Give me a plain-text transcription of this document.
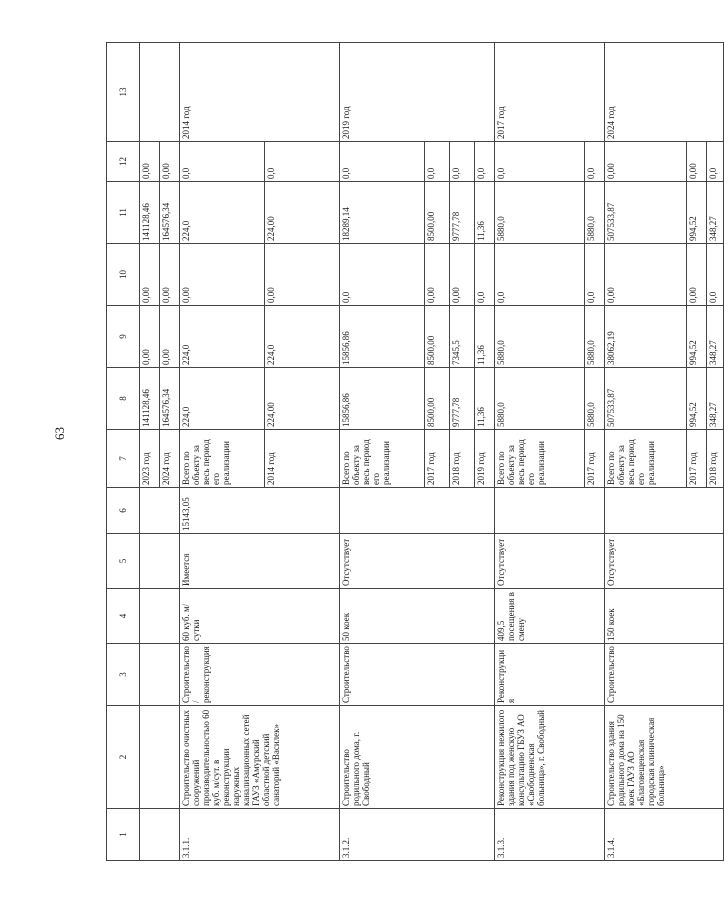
63
1	2	3	4	5	6	7	8	9	10	11	12	13
						2023 год	141128,46	0,00	0,00	141128,46	0,00	
						2024 год	164576,34	0,00	0,00	164576,34	0,00	
3.1.1.	Строительство очистных сооружений производительностью 60 куб. м/сут. в реконструкции наружных канализационных сетей ГАУЗ «Амурский областной детский санаторий «Василек»	Строительство/реконструкция	60 куб. м/сутки	Имеется	15143,05	Всего по объекту за весь период его реализации	224,0	224,0	0,00	224,0	0,0	2014 год
						2014 год	224,00	224,0	0,00	224,00	0,0	
3.1.2.	Строительство родильного дома, г. Свободный	Строительство	50 коек	Отсутствует		Всего по объекту за весь период его реализации	15856,86	15856,86	0,0	18289,14	0,0	2019 год
						2017 год	8500,00	8500,00	0,00	8500,00	0,0	
						2018 год	9777,78	7345,5	0,00	9777,78	0,0	
						2019 год	11,36	11,36	0,0	11,36	0,0	
3.1.3.	Реконструкция нежилого здания под женскую консультацию ГБУЗ АО «Свободненская больница», г. Свободный	Реконструкция	409,5 посещения в смену	Отсутствует		Всего по объекту за весь период его реализации	5880,0	5880,0	0,0	5880,0	0,0	2017 год
						2017 год	5880,0	5880,0	0,0	5880,0	0,0	
3.1.4.	Строительство здания родильного дома на 150 коек ГАУЗ АО «Благовещенская городская клиническая больница»	Строительство	150 коек	Отсутствует		Всего по объекту за весь период его реализации	507533,87	38062,19	0,00	507533,87	0,00	2024 год
						2017 год	994,52	994,52	0,00	994,52	0,00	
						2018 год	348,27	348,27	0,0	348,27	0,0	
